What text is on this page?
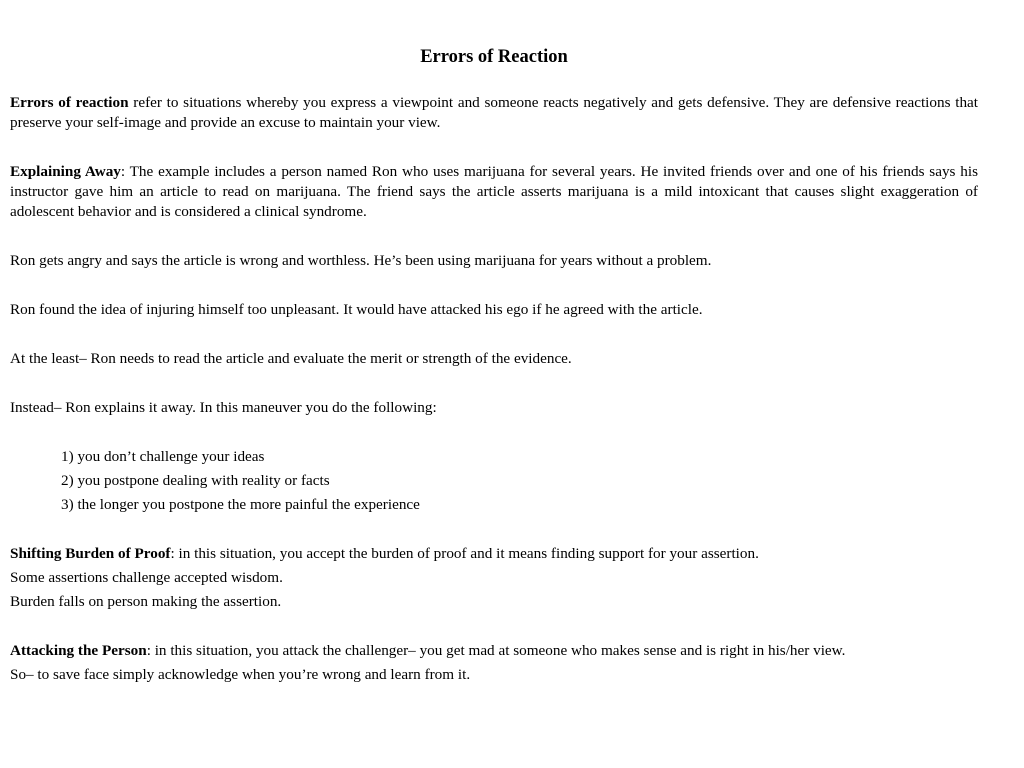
Errors of Reaction

Errors of reaction refer to situations whereby you express a viewpoint and someone reacts negatively and gets defensive. They are defensive reactions that preserve your self-image and provide an excuse to maintain your view.

Explaining Away: The example includes a person named Ron who uses marijuana for several years. He invited friends over and one of his friends says his instructor gave him an article to read on marijuana. The friend says the article asserts marijuana is a mild intoxicant that causes slight exaggeration of adolescent behavior and is considered a clinical syndrome.

Ron gets angry and says the article is wrong and worthless. He’s been using marijuana for years without a problem.

Ron found the idea of injuring himself too unpleasant. It would have attacked his ego if he agreed with the article.

At the least– Ron needs to read the article and evaluate the merit or strength of the evidence.

Instead– Ron explains it away. In this maneuver you do the following:

1) you don’t challenge your ideas
2) you postpone dealing with reality or facts
3) the longer you postpone the more painful the experience

Shifting Burden of Proof: in this situation, you accept the burden of proof and it means finding support for your assertion.

Some assertions challenge accepted wisdom.

Burden falls on person making the assertion.

Attacking the Person: in this situation, you attack the challenger– you get mad at someone who makes sense and is right in his/her view.

So– to save face simply acknowledge when you’re wrong and learn from it.
